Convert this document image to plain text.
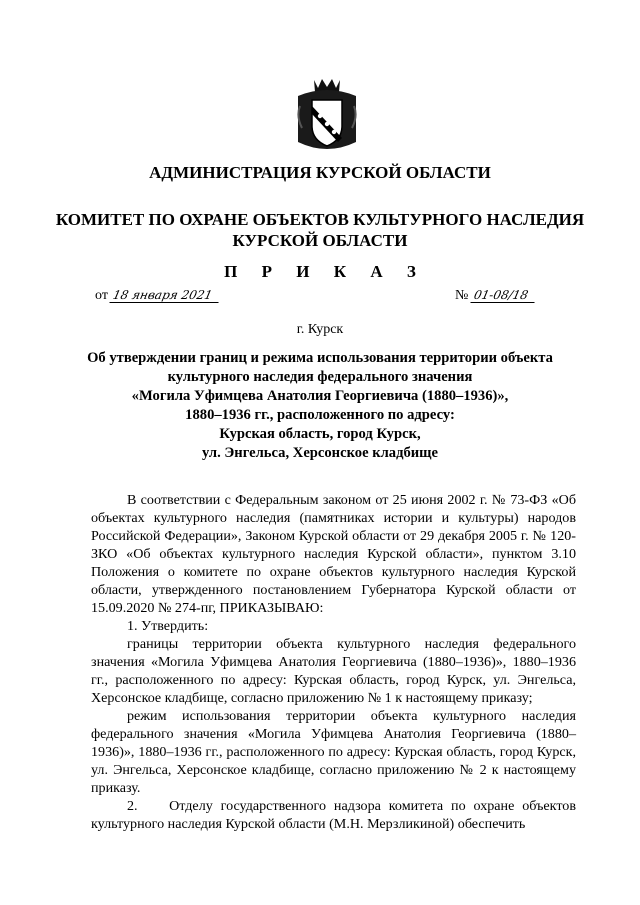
АДМИНИСТРАЦИЯ КУРСКОЙ ОБЛАСТИ
КОМИТЕТ ПО ОХРАНЕ ОБЪЕКТОВ КУЛЬТУРНОГО НАСЛЕДИЯ
КУРСКОЙ ОБЛАСТИ
П Р И К А З
от 18 января 2021	№ 01-08/18
г. Курск
Об утверждении границ и режима использования территории объекта
культурного наследия федерального значения
«Могила Уфимцева Анатолия Георгиевича (1880–1936)»,
1880–1936 гг., расположенного по адресу:
Курская область, город Курск,
ул. Энгельса, Херсонское кладбище

В соответствии с Федеральным законом от 25 июня 2002 г. № 73-ФЗ «Об объектах культурного наследия (памятниках истории и культуры) народов Российской Федерации», Законом Курской области от 29 декабря 2005 г. № 120-ЗКО «Об объектах культурного наследия Курской области», пунктом 3.10 Положения о комитете по охране объектов культурного наследия Курской области, утвержденного постановлением Губернатора Курской области от 15.09.2020 № 274-пг, ПРИКАЗЫВАЮ:

1. Утвердить:

границы территории объекта культурного наследия федерального значения «Могила Уфимцева Анатолия Георгиевича (1880–1936)», 1880–1936 гг., расположенного по адресу: Курская область, город Курск, ул. Энгельса, Херсонское кладбище, согласно приложению № 1 к настоящему приказу;

режим использования территории объекта культурного наследия федерального значения «Могила Уфимцева Анатолия Георгиевича (1880–1936)», 1880–1936 гг., расположенного по адресу: Курская область, город Курск, ул. Энгельса, Херсонское кладбище, согласно приложению № 2 к настоящему приказу.

2.    Отделу государственного надзора комитета по охране объектов культурного наследия Курской области (М.Н. Мерзликиной) обеспечить
